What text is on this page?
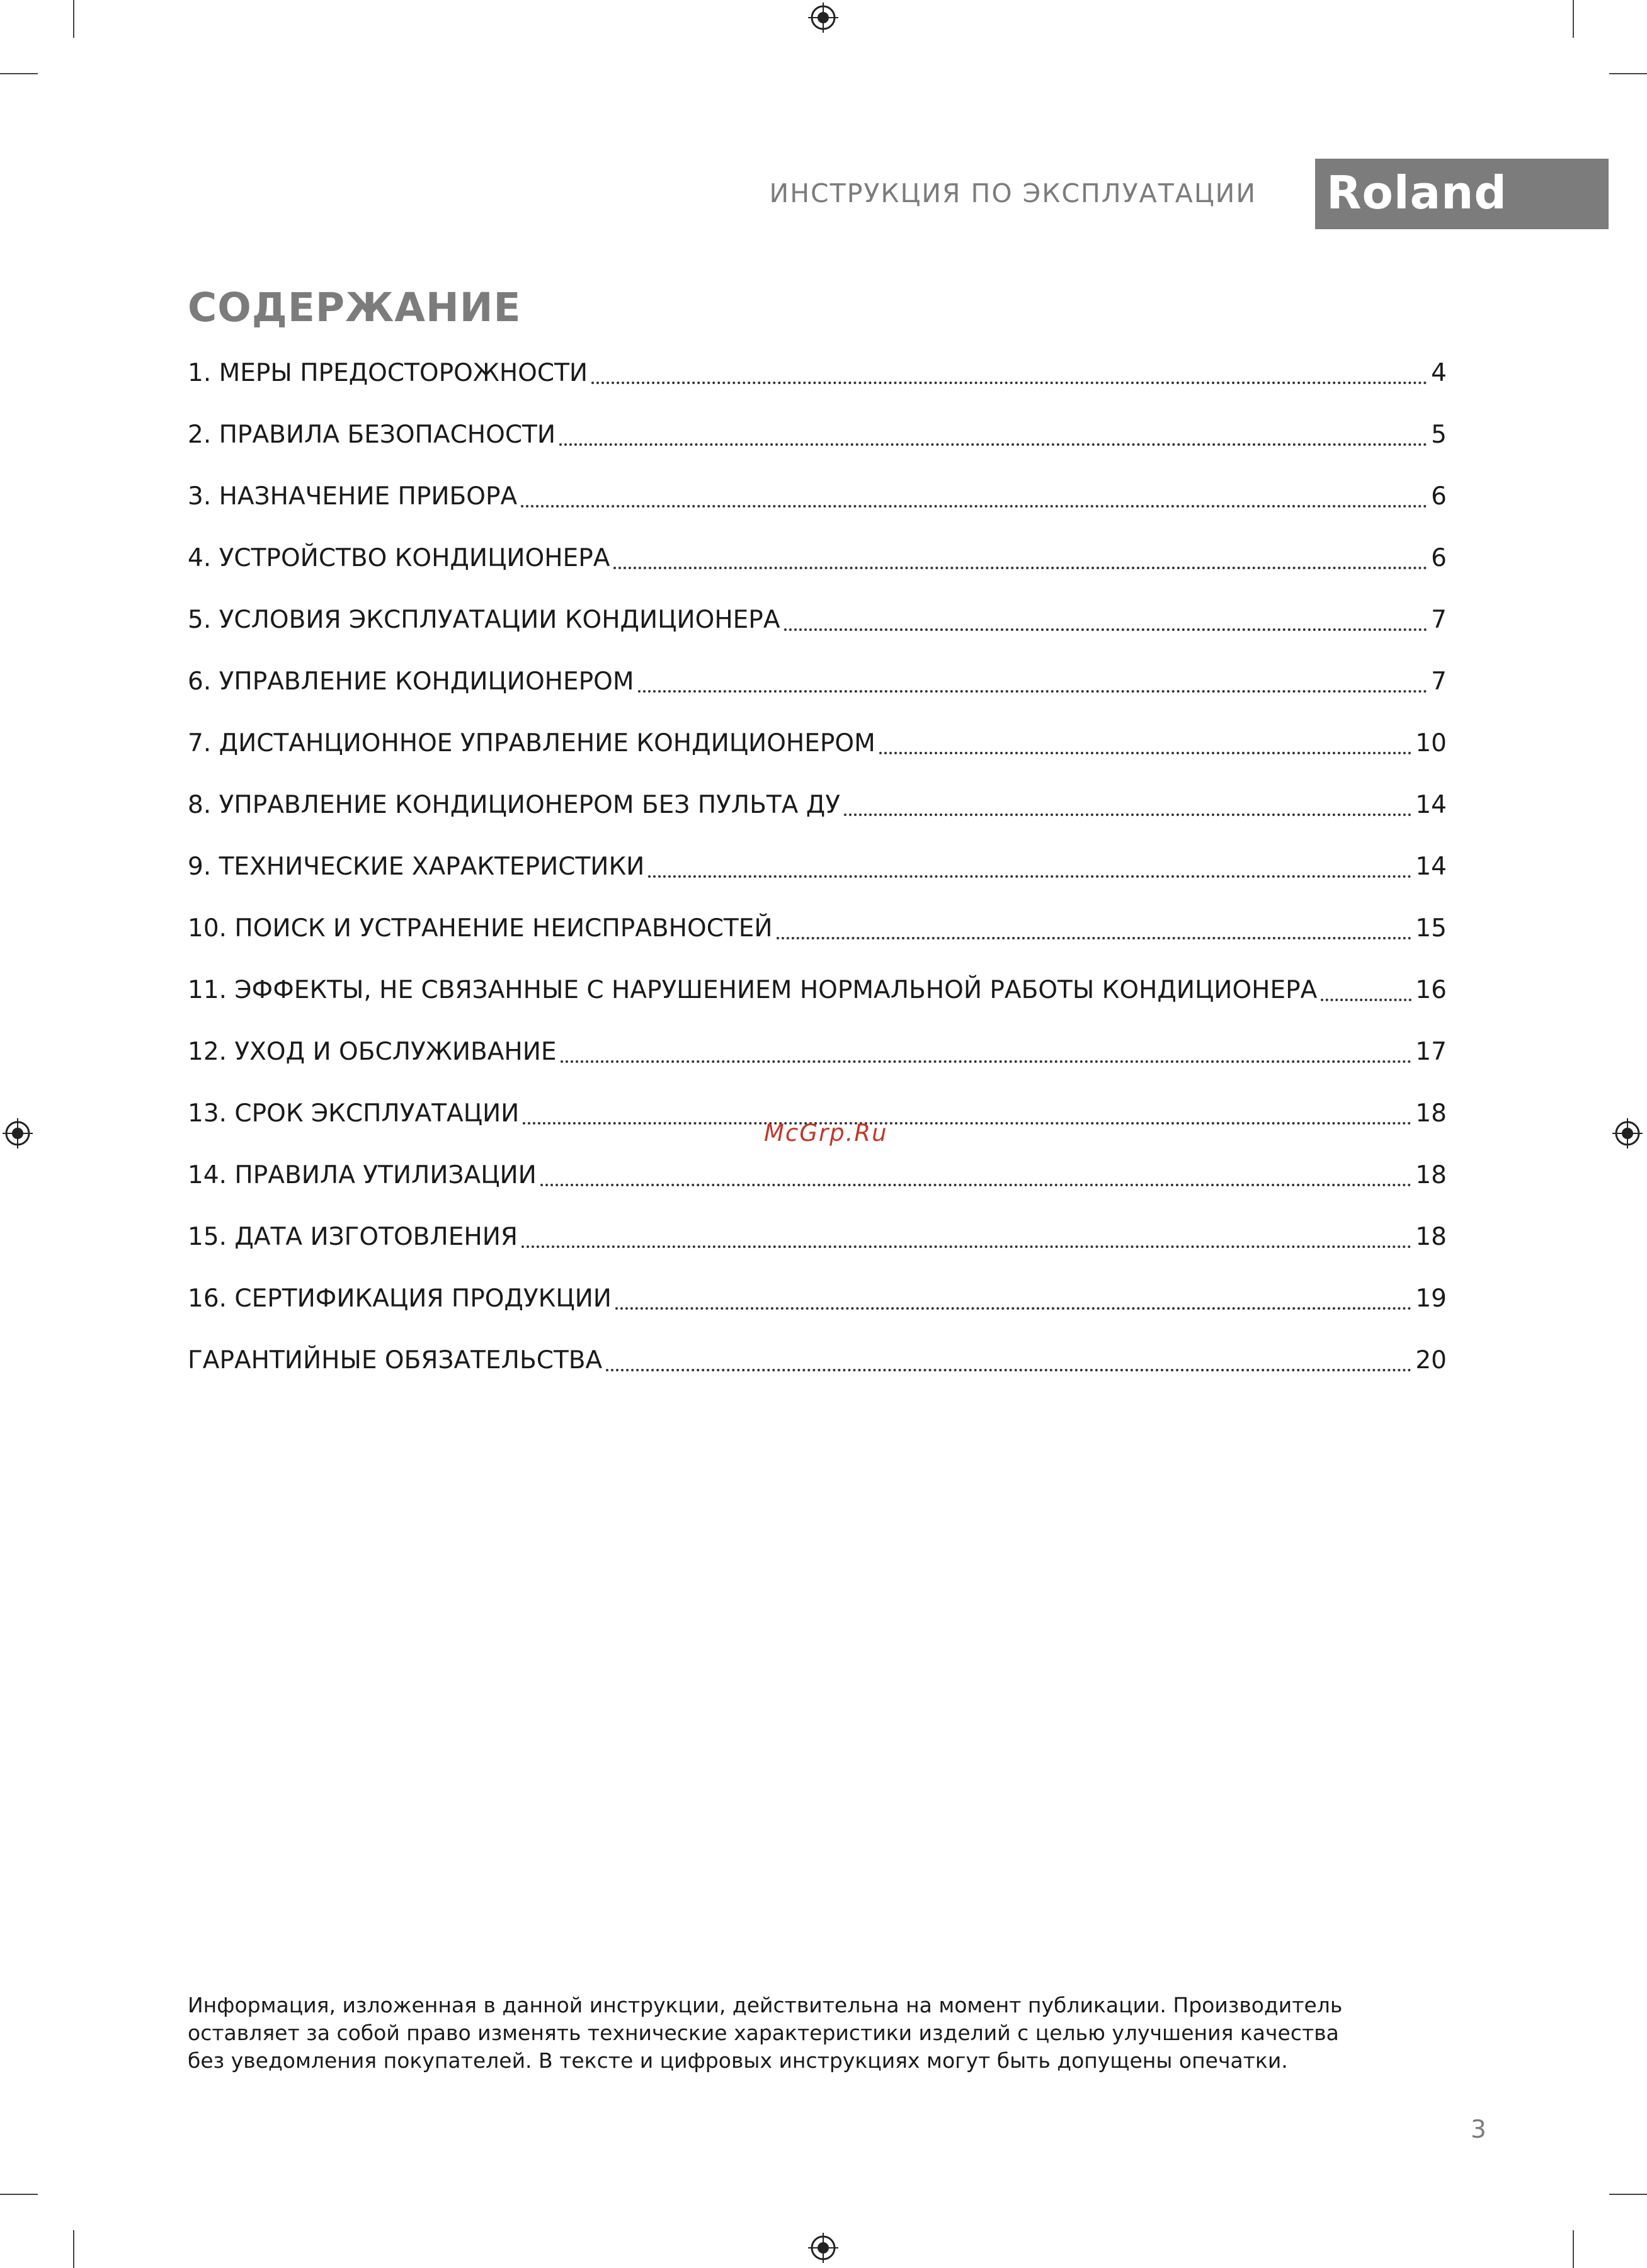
ИНСТРУКЦИЯ ПО ЭКСПЛУАТАЦИИ Roland
СОДЕРЖАНИЕ
1. МЕРЫ ПРЕДОСТОРОЖНОСТИ	4
2. ПРАВИЛА БЕЗОПАСНОСТИ	5
3. НАЗНАЧЕНИЕ ПРИБОРА	6
4. УСТРОЙСТВО КОНДИЦИОНЕРА	6
5. УСЛОВИЯ ЭКСПЛУАТАЦИИ КОНДИЦИОНЕРА	7
6. УПРАВЛЕНИЕ КОНДИЦИОНЕРОМ	7
7. ДИСТАНЦИОННОЕ УПРАВЛЕНИЕ КОНДИЦИОНЕРОМ	10
8. УПРАВЛЕНИЕ КОНДИЦИОНЕРОМ БЕЗ ПУЛЬТА ДУ	14
9. ТЕХНИЧЕСКИЕ ХАРАКТЕРИСТИКИ	14
10. ПОИСК И УСТРАНЕНИЕ НЕИСПРАВНОСТЕЙ	15
11. ЭФФЕКТЫ, НЕ СВЯЗАННЫЕ С НАРУШЕНИЕМ НОРМАЛЬНОЙ РАБОТЫ КОНДИЦИОНЕРА	16
12. УХОД И ОБСЛУЖИВАНИЕ	17
13. СРОК ЭКСПЛУАТАЦИИ	18
14. ПРАВИЛА УТИЛИЗАЦИИ	18
15. ДАТА ИЗГОТОВЛЕНИЯ	18
16. СЕРТИФИКАЦИЯ ПРОДУКЦИИ	19
ГАРАНТИЙНЫЕ ОБЯЗАТЕЛЬСТВА	20
McGrp.Ru
Информация, изложенная в данной инструкции, действительна на момент публикации. Производитель
оставляет за собой право изменять технические характеристики изделий с целью улучшения качества
без уведомления покупателей. В тексте и цифровых инструкциях могут быть допущены опечатки.
3
